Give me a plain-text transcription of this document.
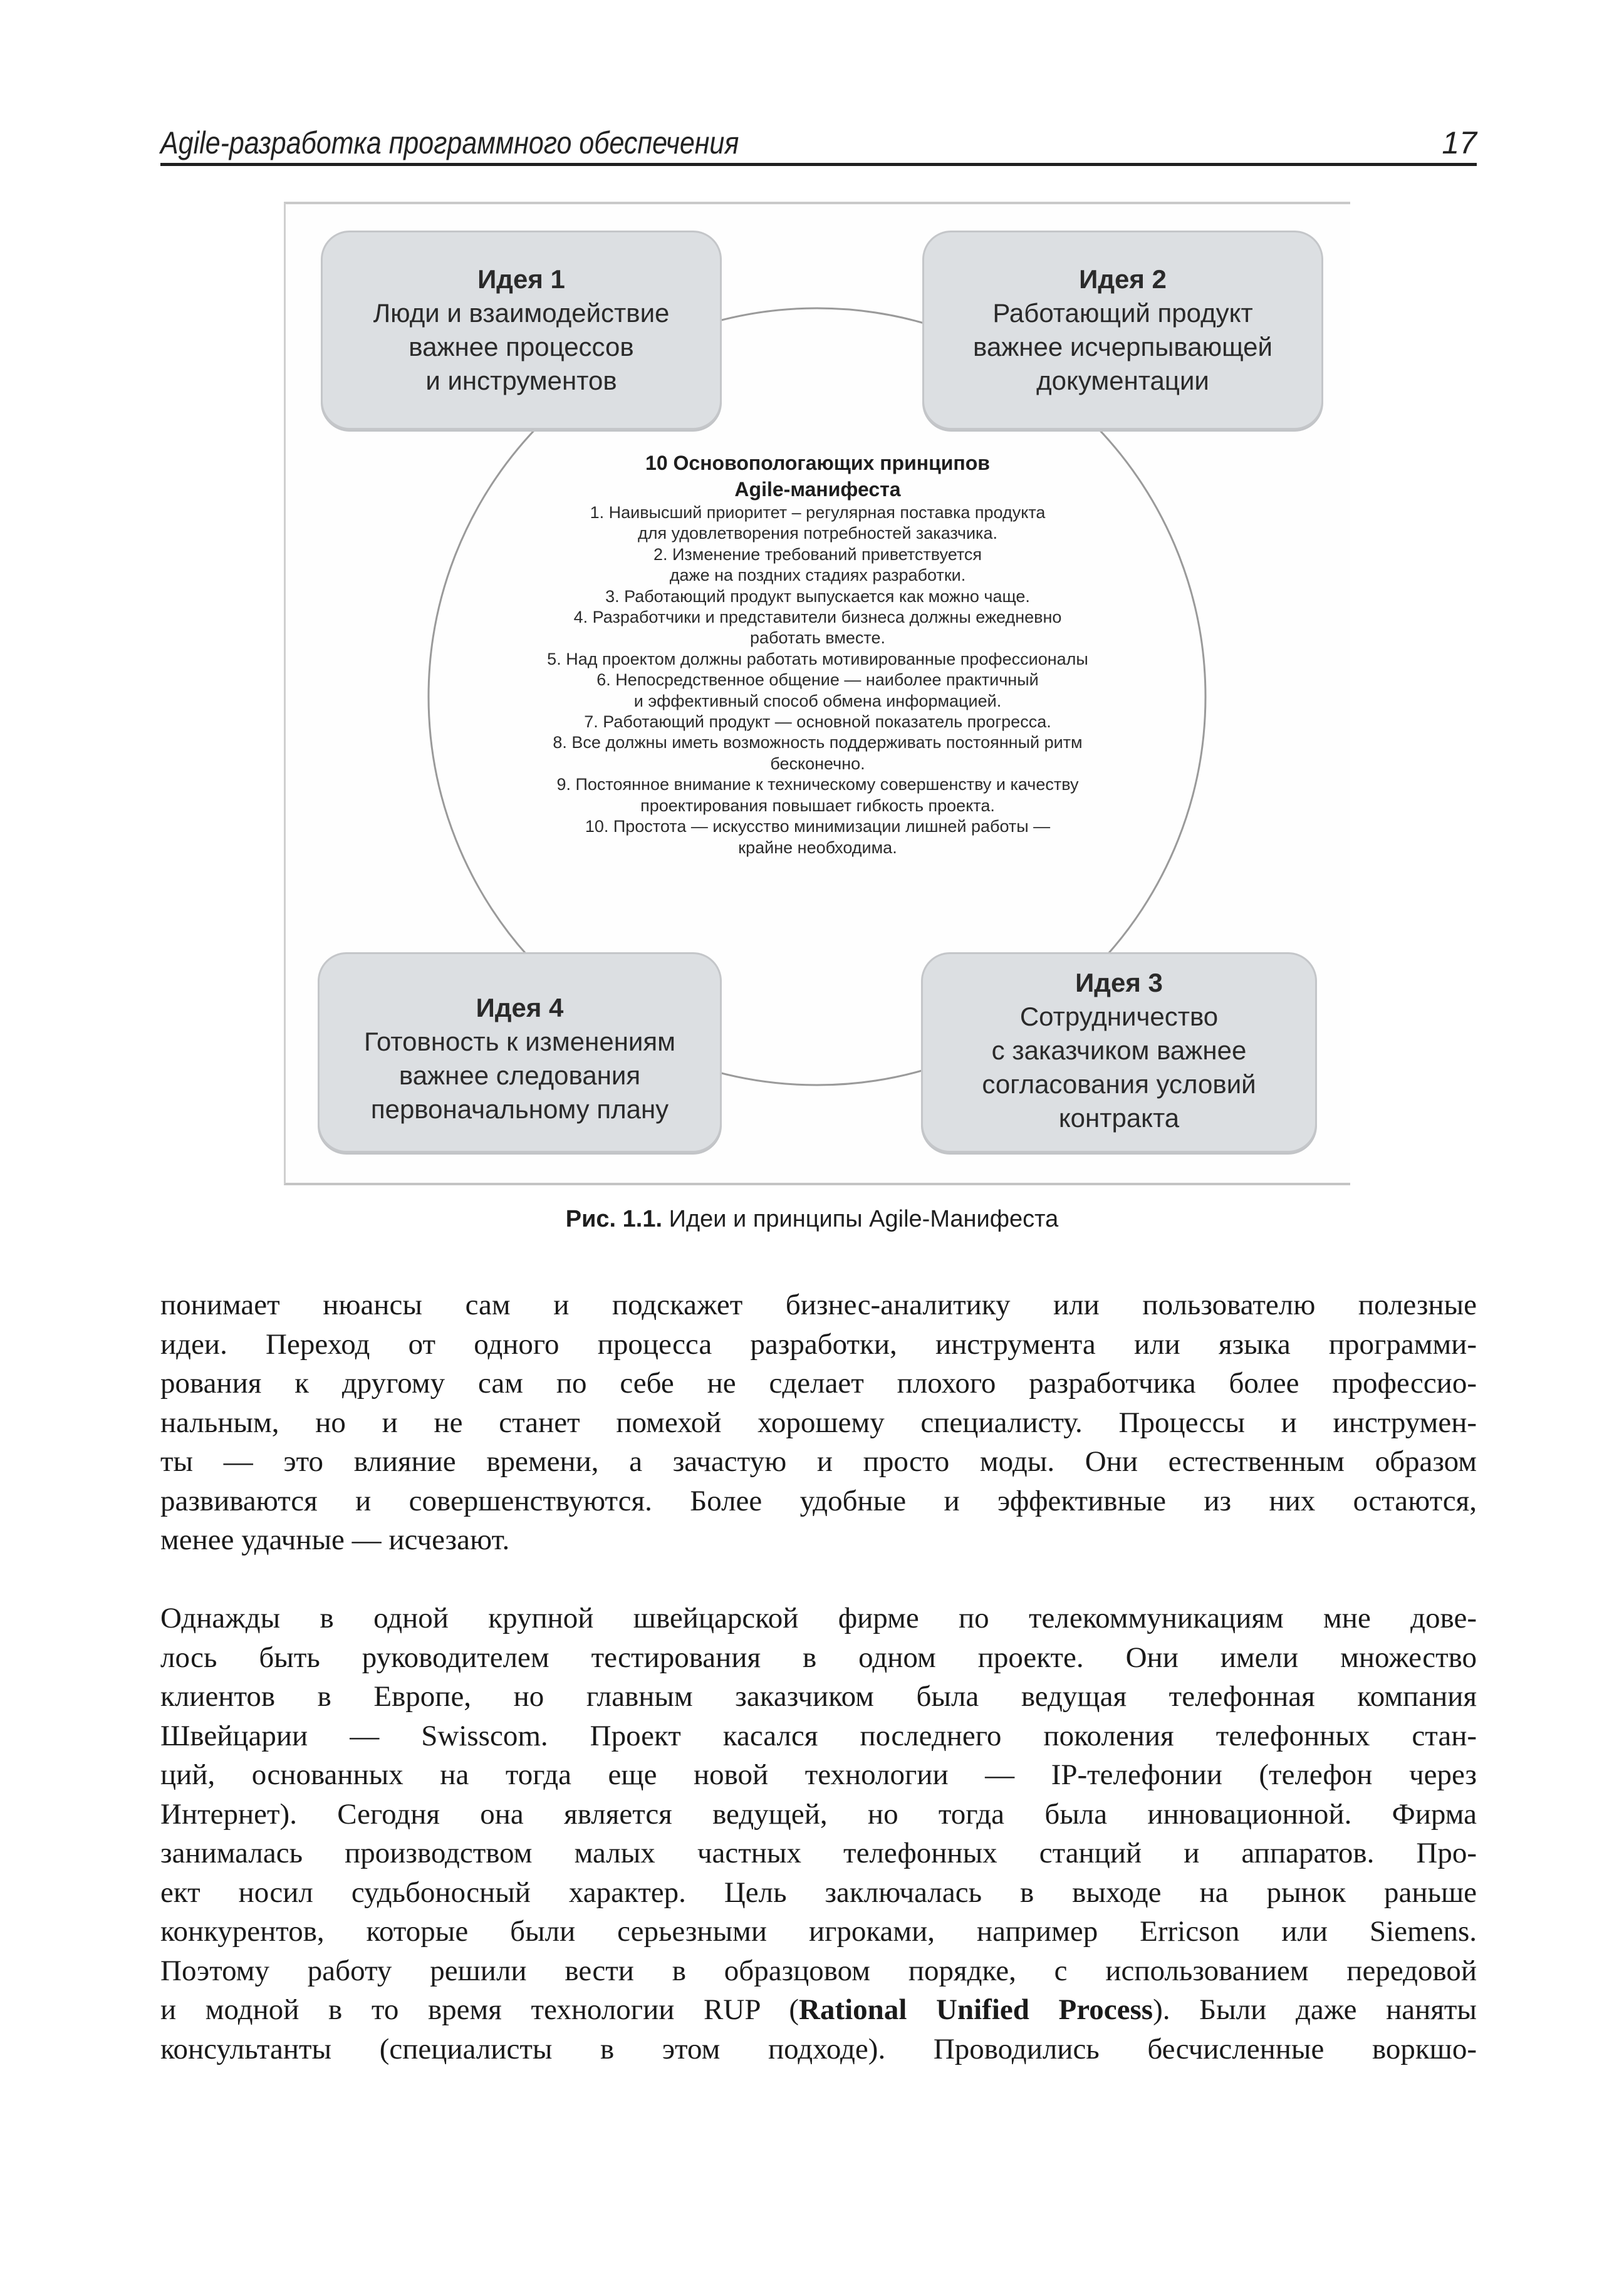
Agile-разработка программного обеспечения	17
Идея 1
Люди и взаимодействие
важнее процессов
и инструментов
Идея 2
Работающий продукт
важнее исчерпывающей
документации
Идея 4
Готовность к изменениям
важнее следования
первоначальному плану
Идея 3
Сотрудничество
с заказчиком важнее
согласования условий
контракта
10 Основопологающих принципов
Agile-манифеста
1. Наивысший приоритет – регулярная поставка продукта
для удовлетворения потребностей заказчика.
2. Изменение требований приветствуется
даже на поздних стадиях разработки.
3. Работающий продукт выпускается как можно чаще.
4. Разработчики и представители бизнеса должны ежедневно
работать вместе.
5. Над проектом должны работать мотивированные профессионалы
6. Непосредственное общение — наиболее практичный
и эффективный способ обмена информацией.
7. Работающий продукт — основной показатель прогресса.
8. Все должны иметь возможность поддерживать постоянный ритм
бесконечно.
9. Постоянное внимание к техническому совершенству и качеству
проектирования повышает гибкость проекта.
10. Простота — искусство минимизации лишней работы —
крайне необходима.
Рис. 1.1. Идеи и принципы Agile-Манифеста
понимает нюансы сам и подскажет бизнес-аналитику или пользователю полезные
идеи. Переход от одного процесса разработки, инструмента или языка программи-
рования к другому сам по себе не сделает плохого разработчика более профессио-
нальным, но и не станет помехой хорошему специалисту. Процессы и инструмен-
ты — это влияние времени, а зачастую и просто моды. Они естественным образом
развиваются и совершенствуются. Более удобные и эффективные из них остаются,
менее удачные — исчезают.
Однажды в одной крупной швейцарской фирме по телекоммуникациям мне дове-
лось быть руководителем тестирования в одном проекте. Они имели множество
клиентов в Европе, но главным заказчиком была ведущая телефонная компания
Швейцарии — Swisscom. Проект касался последнего поколения телефонных стан-
ций, основанных на тогда еще новой технологии — IP-телефонии (телефон через
Интернет). Сегодня она является ведущей, но тогда была инновационной. Фирма
занималась производством малых частных телефонных станций и аппаратов. Про-
ект носил судьбоносный характер. Цель заключалась в выходе на рынок раньше
конкурентов, которые были серьезными игроками, например Erricson или Siemens.
Поэтому работу решили вести в образцовом порядке, с использованием передовой
и модной в то время технологии RUP (Rational Unified Process). Были даже наняты
консультанты (специалисты в этом подходе). Проводились бесчисленные воркшо-
